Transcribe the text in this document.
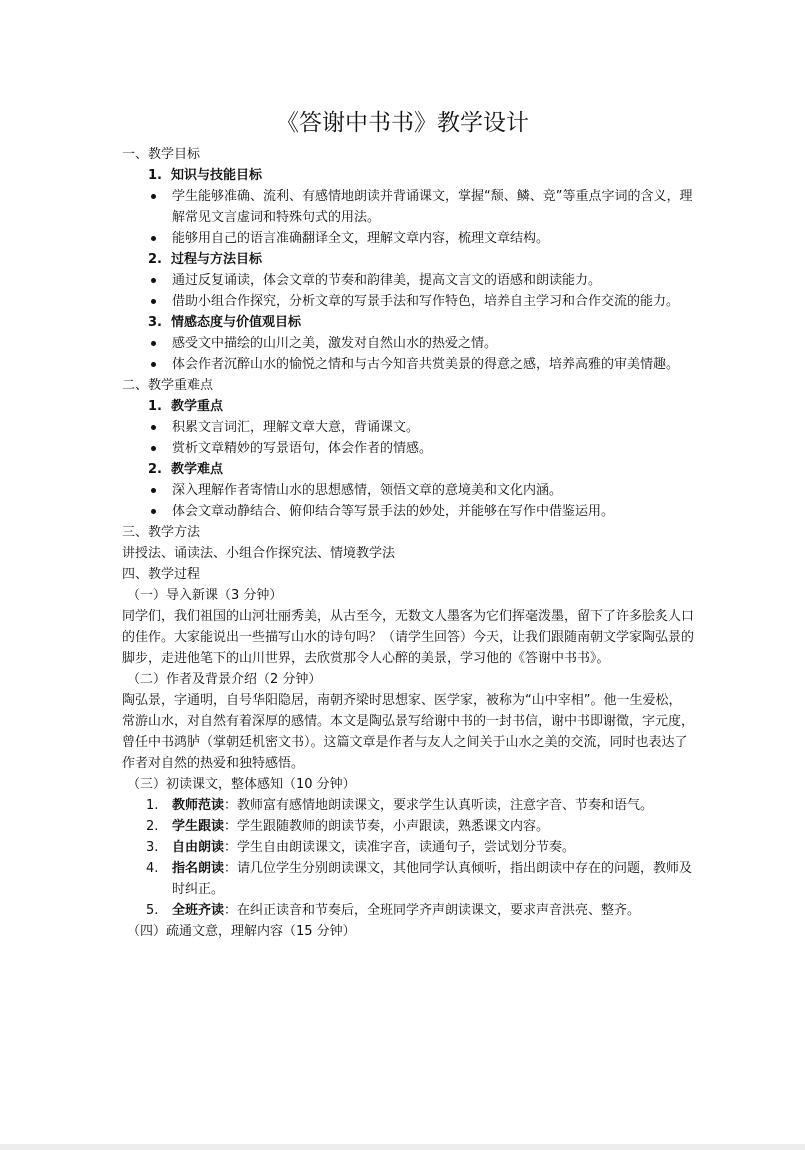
《答谢中书书》教学设计

一、教学目标

1. 知识与技能目标
学生能够准确、流利、有感情地朗读并背诵课文，掌握“颓、鳞、竞”等重点字词的含义，理解常见文言虚词和特殊句式的用法。
能够用自己的语言准确翻译全文，理解文章内容，梳理文章结构。
2. 过程与方法目标
通过反复诵读，体会文章的节奏和韵律美，提高文言文的语感和朗读能力。
借助小组合作探究，分析文章的写景手法和写作特色，培养自主学习和合作交流的能力。
3. 情感态度与价值观目标
感受文中描绘的山川之美，激发对自然山水的热爱之情。
体会作者沉醉山水的愉悦之情和与古今知音共赏美景的得意之感，培养高雅的审美情趣。

二、教学重难点

1. 教学重点
积累文言词汇，理解文章大意，背诵课文。
赏析文章精妙的写景语句，体会作者的情感。
2. 教学难点
深入理解作者寄情山水的思想感情，领悟文章的意境美和文化内涵。
体会文章动静结合、俯仰结合等写景手法的妙处，并能够在写作中借鉴运用。

三、教学方法

讲授法、诵读法、小组合作探究法、情境教学法

四、教学过程

（一）导入新课（3 分钟）

同学们，我们祖国的山河壮丽秀美，从古至今，无数文人墨客为它们挥毫泼墨，留下了许多脍炙人口的佳作。大家能说出一些描写山水的诗句吗？（请学生回答）今天，让我们跟随南朝文学家陶弘景的脚步，走进他笔下的山川世界，去欣赏那令人心醉的美景，学习他的《答谢中书书》。

（二）作者及背景介绍（2 分钟）

陶弘景，字通明，自号华阳隐居，南朝齐梁时思想家、医学家，被称为“山中宰相”。他一生爱松，常游山水，对自然有着深厚的感情。本文是陶弘景写给谢中书的一封书信，谢中书即谢徵，字元度，曾任中书鸿胪（掌朝廷机密文书）。这篇文章是作者与友人之间关于山水之美的交流，同时也表达了作者对自然的热爱和独特感悟。

（三）初读课文，整体感知（10 分钟）

1.	教师范读：教师富有感情地朗读课文，要求学生认真听读，注意字音、节奏和语气。
2.	学生跟读：学生跟随教师的朗读节奏，小声跟读，熟悉课文内容。
3.	自由朗读：学生自由朗读课文，读准字音，读通句子，尝试划分节奏。
4.	指名朗读：请几位学生分别朗读课文，其他同学认真倾听，指出朗读中存在的问题，教师及时纠正。
5.	全班齐读：在纠正读音和节奏后，全班同学齐声朗读课文，要求声音洪亮、整齐。

（四）疏通文意，理解内容（15 分钟）
